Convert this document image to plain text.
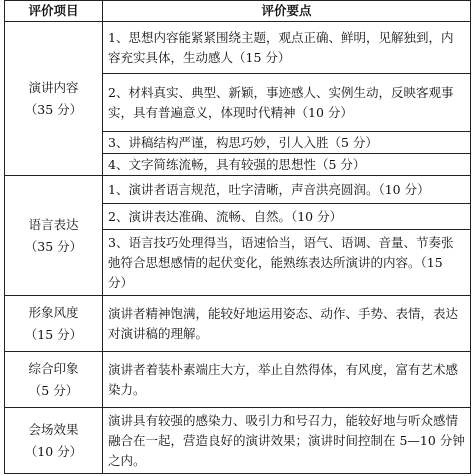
评价项目	评价要点

演讲内容
（35 分）	1、思想内容能紧紧围绕主题，观点正确、鲜明，见解独到，内容充实具体，生动感人（15 分）
	2、材料真实、典型、新颖，事迹感人、实例生动，反映客观事实，具有普遍意义，体现时代精神（10 分）
	3、讲稿结构严谨，构思巧妙，引人入胜（5 分）
	4、文字简练流畅，具有较强的思想性（5 分）

语言表达
（35 分）	1、演讲者语言规范，吐字清晰，声音洪亮圆润。（10 分）
	2、演讲表达准确、流畅、自然。（10 分）
	3、语言技巧处理得当，语速恰当，语气、语调、音量、节奏张弛符合思想感情的起伏变化，能熟练表达所演讲的内容。（15 分）

形象风度
（15 分）	演讲者精神饱满，能较好地运用姿态、动作、手势、表情，表达对演讲稿的理解。

综合印象
（5 分）	演讲者着装朴素端庄大方，举止自然得体，有风度，富有艺术感染力。

会场效果
（10 分）	演讲具有较强的感染力、吸引力和号召力，能较好地与听众感情融合在一起，营造良好的演讲效果；演讲时间控制在 5—10 分钟之内。
